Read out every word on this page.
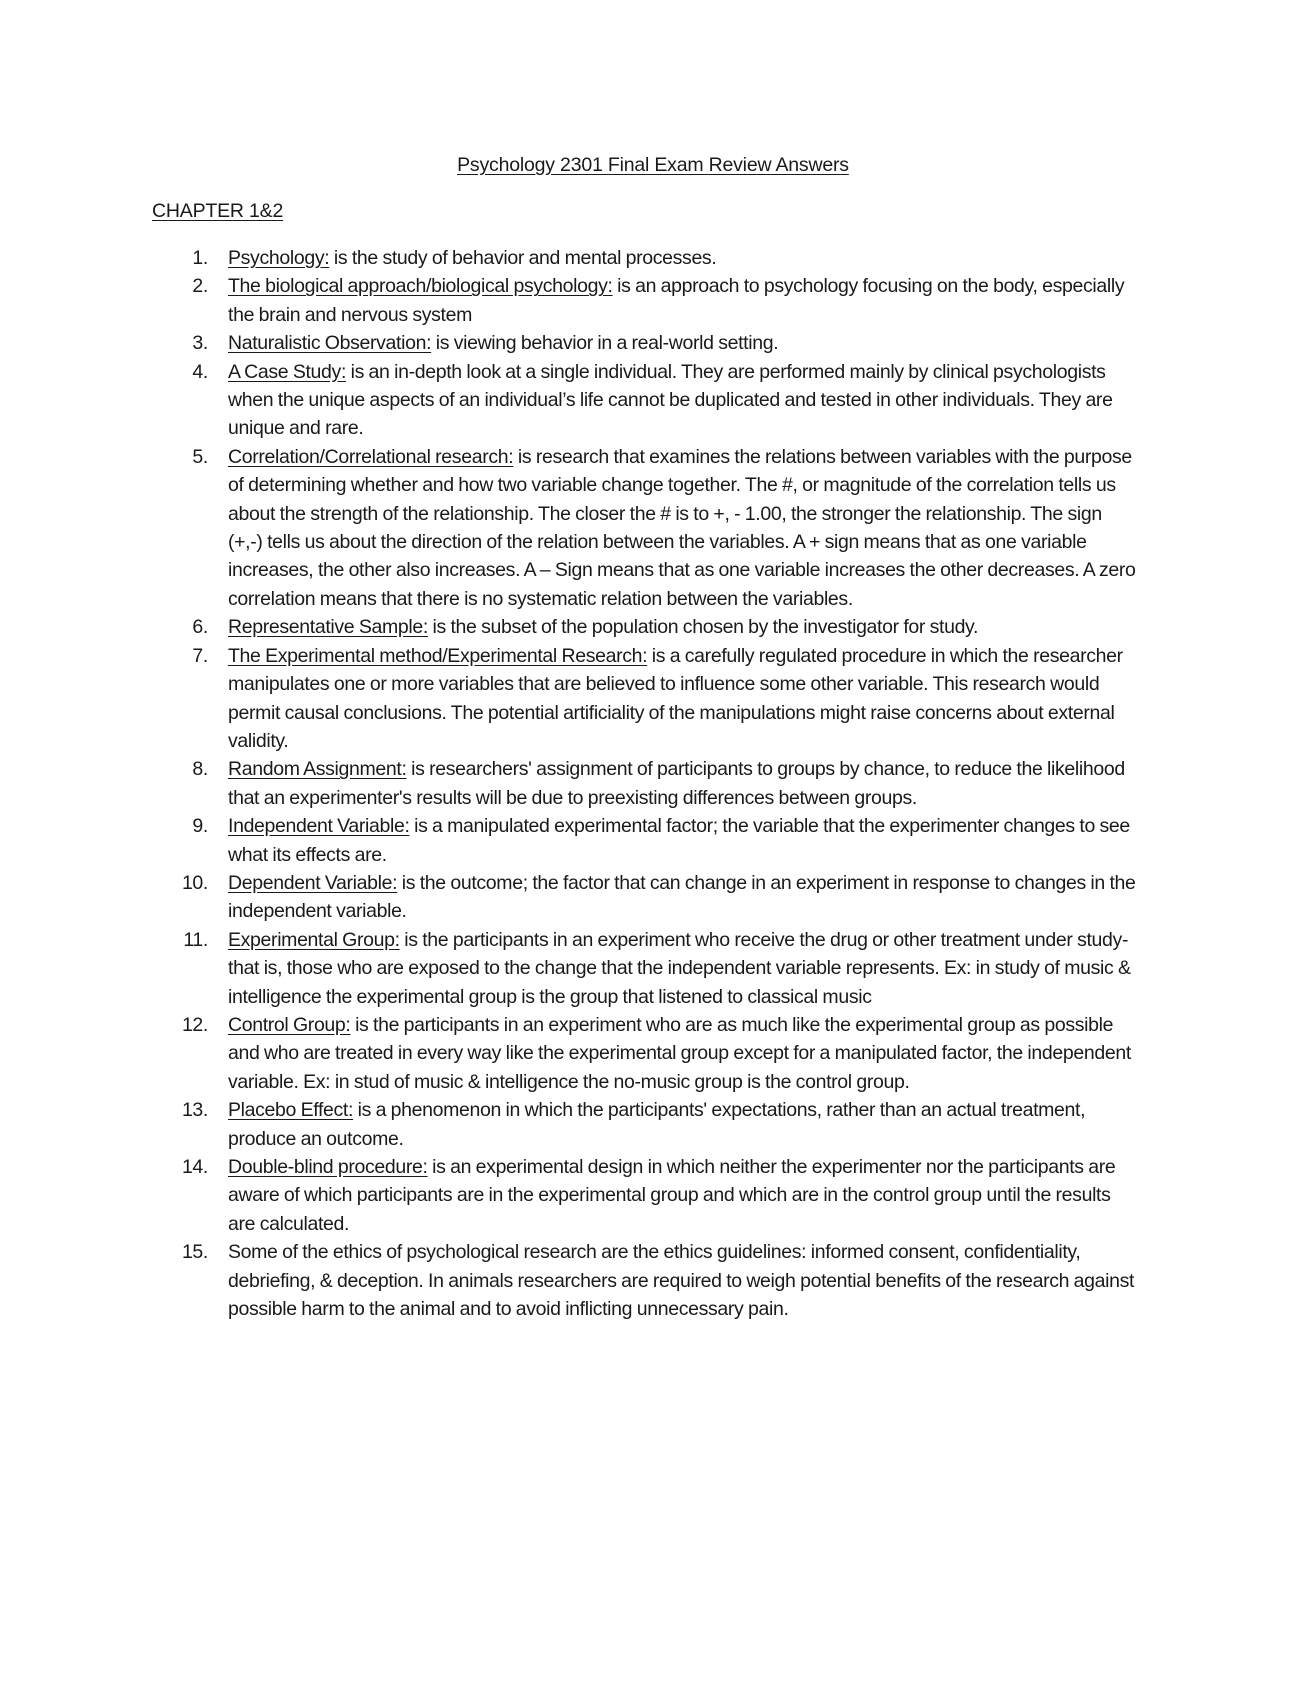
Psychology 2301 Final Exam Review Answers
CHAPTER 1&2
1. Psychology: is the study of behavior and mental processes.
2. The biological approach/biological psychology: is an approach to psychology focusing on the body, especially the brain and nervous system
3. Naturalistic Observation: is viewing behavior in a real-world setting.
4. A Case Study: is an in-depth look at a single individual. They are performed mainly by clinical psychologists when the unique aspects of an individual’s life cannot be duplicated and tested in other individuals. They are unique and rare.
5. Correlation/Correlational research: is research that examines the relations between variables with the purpose of determining whether and how two variable change together. The #, or magnitude of the correlation tells us about the strength of the relationship. The closer the # is to +, - 1.00, the stronger the relationship. The sign (+,-) tells us about the direction of the relation between the variables. A + sign means that as one variable increases, the other also increases. A – Sign means that as one variable increases the other decreases. A zero correlation means that there is no systematic relation between the variables.
6. Representative Sample: is the subset of the population chosen by the investigator for study.
7. The Experimental method/Experimental Research: is a carefully regulated procedure in which the researcher manipulates one or more variables that are believed to influence some other variable. This research would permit causal conclusions. The potential artificiality of the manipulations might raise concerns about external validity.
8. Random Assignment: is researchers' assignment of participants to groups by chance, to reduce the likelihood that an experimenter's results will be due to preexisting differences between groups.
9. Independent Variable: is a manipulated experimental factor; the variable that the experimenter changes to see what its effects are.
10. Dependent Variable: is the outcome; the factor that can change in an experiment in response to changes in the independent variable.
11. Experimental Group: is the participants in an experiment who receive the drug or other treatment under study-that is, those who are exposed to the change that the independent variable represents. Ex: in study of music & intelligence the experimental group is the group that listened to classical music
12. Control Group: is the participants in an experiment who are as much like the experimental group as possible and who are treated in every way like the experimental group except for a manipulated factor, the independent variable. Ex: in stud of music & intelligence the no-music group is the control group.
13. Placebo Effect: is a phenomenon in which the participants' expectations, rather than an actual treatment, produce an outcome.
14. Double-blind procedure: is an experimental design in which neither the experimenter nor the participants are aware of which participants are in the experimental group and which are in the control group until the results are calculated.
15. Some of the ethics of psychological research are the ethics guidelines: informed consent, confidentiality, debriefing, & deception. In animals researchers are required to weigh potential benefits of the research against possible harm to the animal and to avoid inflicting unnecessary pain.
